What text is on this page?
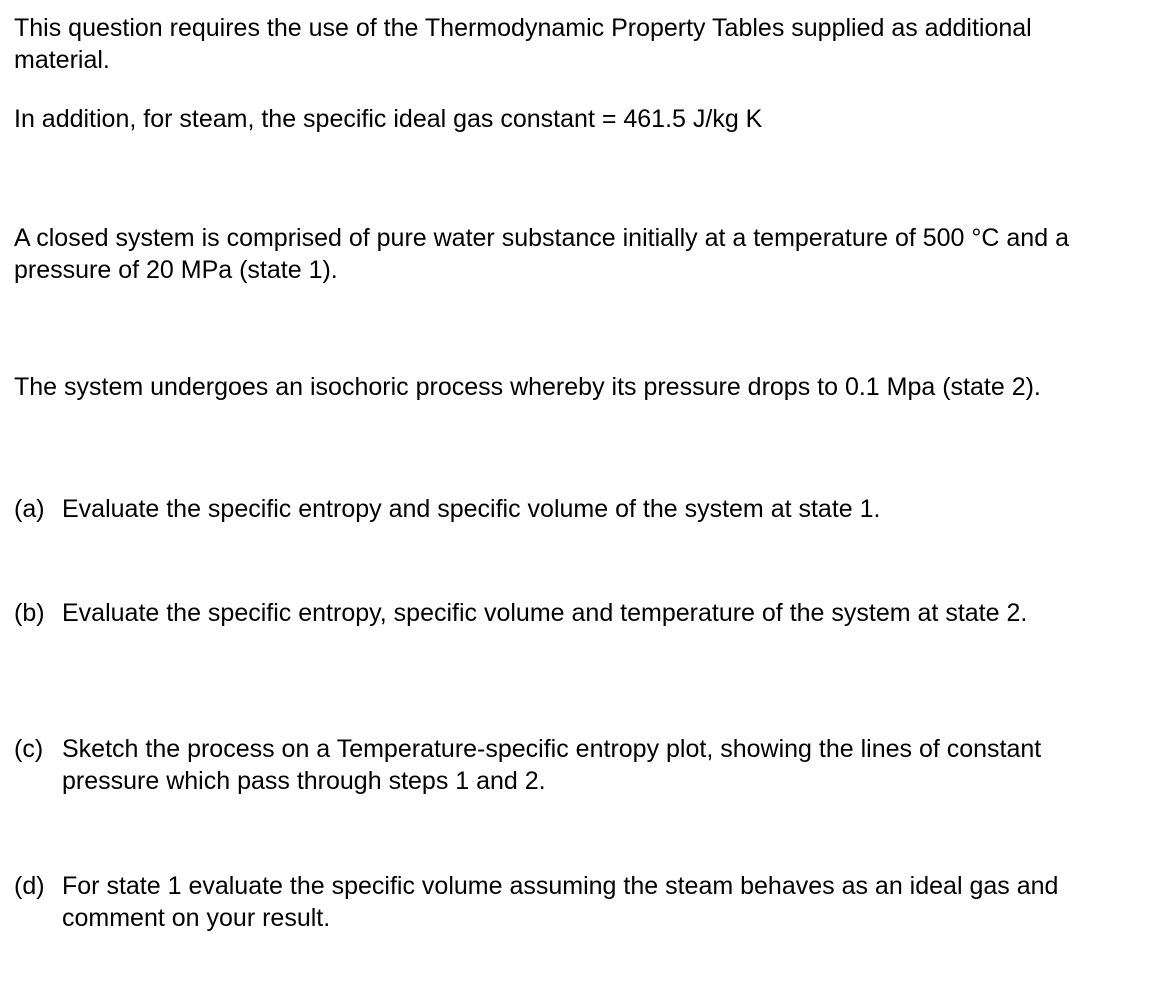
This question requires the use of the Thermodynamic Property Tables supplied as additional material.

In addition, for steam, the specific ideal gas constant = 461.5 J/kg K

A closed system is comprised of pure water substance initially at a temperature of 500 °C and a pressure of 20 MPa (state 1).

The system undergoes an isochoric process whereby its pressure drops to 0.1 Mpa (state 2).

(a) Evaluate the specific entropy and specific volume of the system at state 1.
(b) Evaluate the specific entropy, specific volume and temperature of the system at state 2.
(c) Sketch the process on a Temperature-specific entropy plot, showing the lines of constant pressure which pass through steps 1 and 2.
(d) For state 1 evaluate the specific volume assuming the steam behaves as an ideal gas and comment on your result.
